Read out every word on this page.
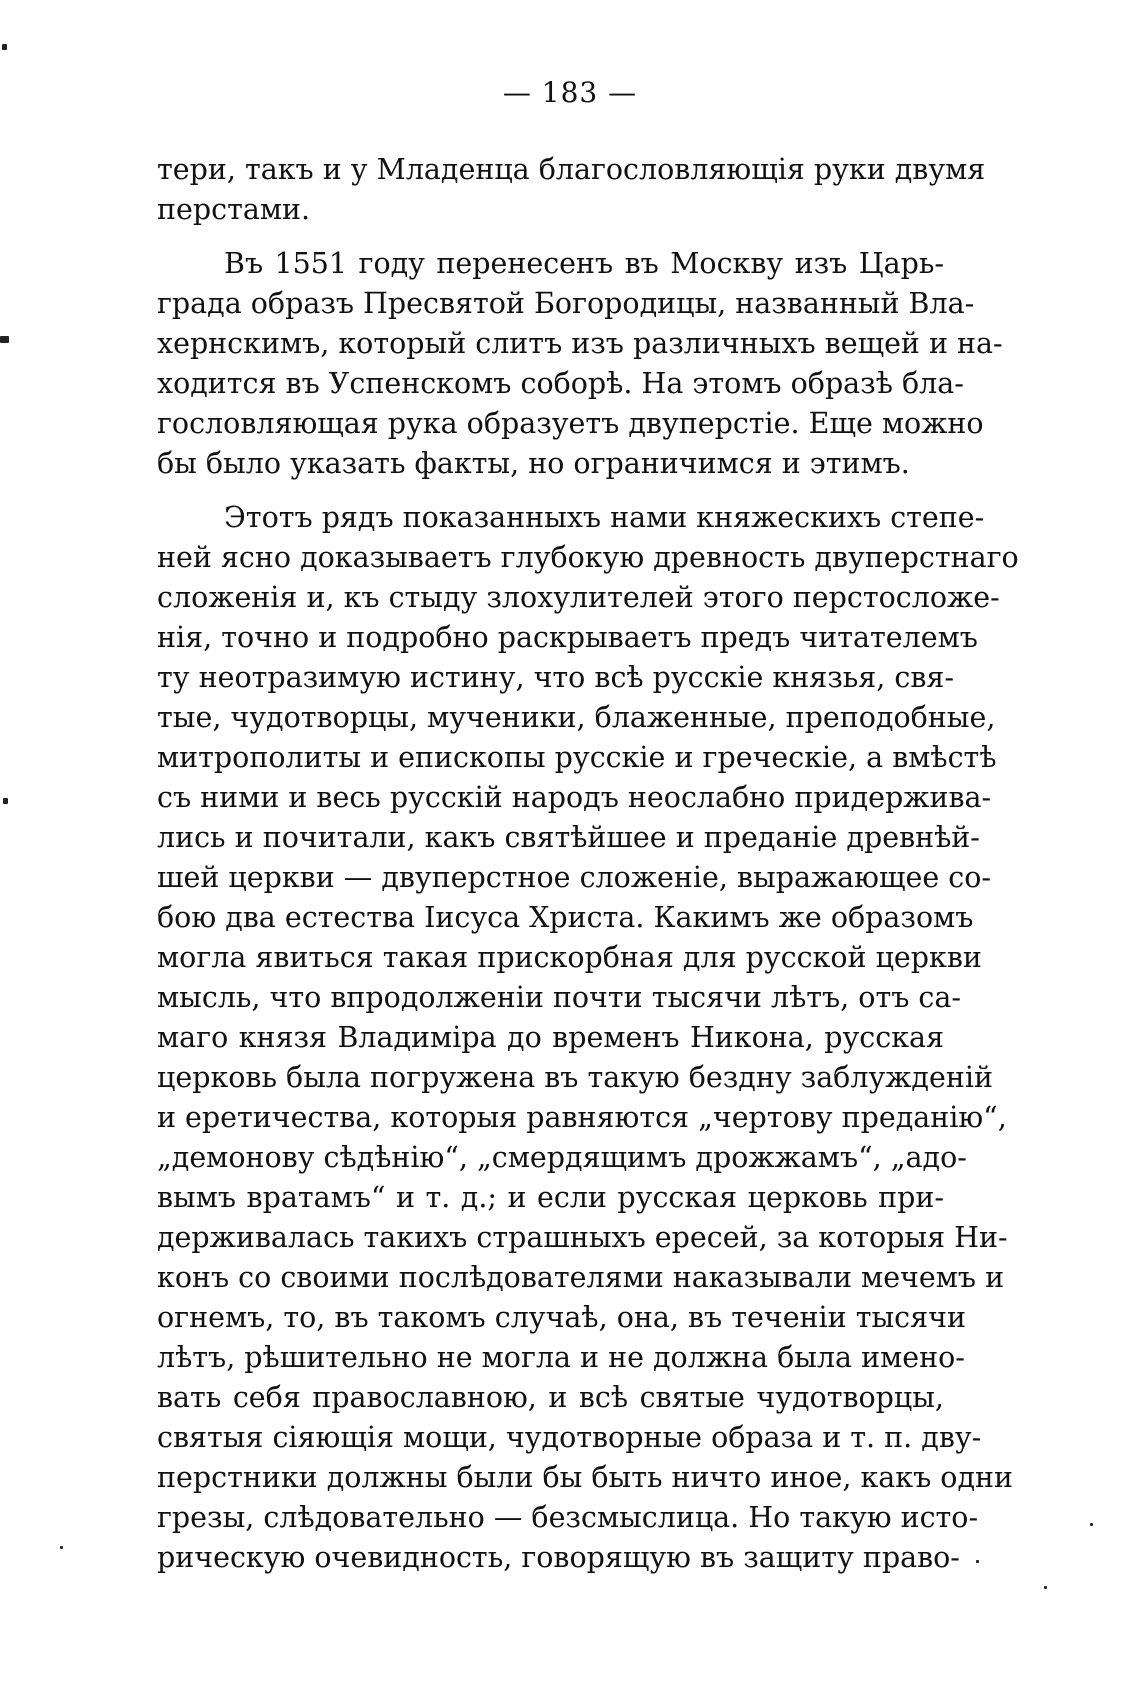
— 183 —
тери, такъ и у Младенца благословляющія руки двумя
перстами.
Въ 1551 году перенесенъ въ Москву изъ Царь-
града образъ Пресвятой Богородицы, названный Вла-
хернскимъ, который слитъ изъ различныхъ вещей и на-
ходится въ Успенскомъ соборѣ. На этомъ образѣ бла-
гословляющая рука образуетъ двуперстіе. Еще можно
бы было указать факты, но ограничимся и этимъ.
Этотъ рядъ показанныхъ нами княжескихъ степе-
ней ясно доказываетъ глубокую древность двуперстнаго
сложенія и, къ стыду злохулителей этого перстосложе-
нія, точно и подробно раскрываетъ предъ читателемъ
ту неотразимую истину, что всѣ русскіе князья, свя-
тые, чудотворцы, мученики, блаженные, преподобные,
митрополиты и епископы русскіе и греческіе, а вмѣстѣ
съ ними и весь русскій народъ неослабно придержива-
лись и почитали, какъ святѣйшее и преданіе древнѣй-
шей церкви — двуперстное сложеніе, выражающее со-
бою два естества Іисуса Христа. Какимъ же образомъ
могла явиться такая прискорбная для русской церкви
мысль, что впродолженіи почти тысячи лѣтъ, отъ са-
маго князя Владиміра до временъ Никона, русская
церковь была погружена въ такую бездну заблужденій
и еретичества, которыя равняются „чертову преданію“,
„демонову сѣдѣнію“, „смердящимъ дрожжамъ“, „адо-
вымъ вратамъ“ и т. д.; и если русская церковь при-
держивалась такихъ страшныхъ ересей, за которыя Ни-
конъ со своими послѣдователями наказывали мечемъ и
огнемъ, то, въ такомъ случаѣ, она, въ теченіи тысячи
лѣтъ, рѣшительно не могла и не должна была имено-
вать себя православною, и всѣ святые чудотворцы,
святыя сіяющія мощи, чудотворные образа и т. п. дву-
перстники должны были бы быть ничто иное, какъ одни
грезы, слѣдовательно — безсмыслица. Но такую исто-
рическую очевидность, говорящую въ защиту право-
